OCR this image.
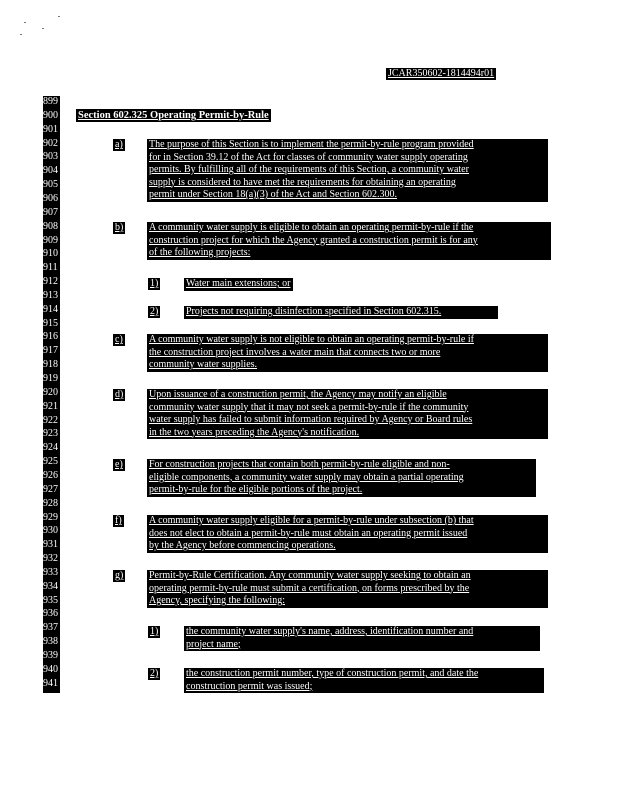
JCAR350602-1814494r01
899
900
901
902
903
904
905
906
907
908
909
910
911
912
913
914
915
916
917
918
919
920
921
922
923
924
925
926
927
928
929
930
931
932
933
934
935
936
937
938
939
940
941
Section 602.325 Operating Permit-by-Rule
a)	The purpose of this Section is to implement the permit-by-rule program provided
for in Section 39.12 of the Act for classes of community water supply operating
permits. By fulfilling all of the requirements of this Section, a community water
supply is considered to have met the requirements for obtaining an operating
permit under Section 18(a)(3) of the Act and Section 602.300.
b)	A community water supply is eligible to obtain an operating permit-by-rule if the
construction project for which the Agency granted a construction permit is for any
of the following projects:
1)	Water main extensions; or
2)	Projects not requiring disinfection specified in Section 602.315.
c)	A community water supply is not eligible to obtain an operating permit-by-rule if
the construction project involves a water main that connects two or more
community water supplies.
d)	Upon issuance of a construction permit, the Agency may notify an eligible
community water supply that it may not seek a permit-by-rule if the community
water supply has failed to submit information required by Agency or Board rules
in the two years preceding the Agency's notification.
e)	For construction projects that contain both permit-by-rule eligible and non-
eligible components, a community water supply may obtain a partial operating
permit-by-rule for the eligible portions of the project.
f)	A community water supply eligible for a permit-by-rule under subsection (b) that
does not elect to obtain a permit-by-rule must obtain an operating permit issued
by the Agency before commencing operations.
g)	Permit-by-Rule Certification. Any community water supply seeking to obtain an
operating permit-by-rule must submit a certification, on forms prescribed by the
Agency, specifying the following:
1)	the community water supply's name, address, identification number and
project name;
2)	the construction permit number, type of construction permit, and date the
construction permit was issued;
